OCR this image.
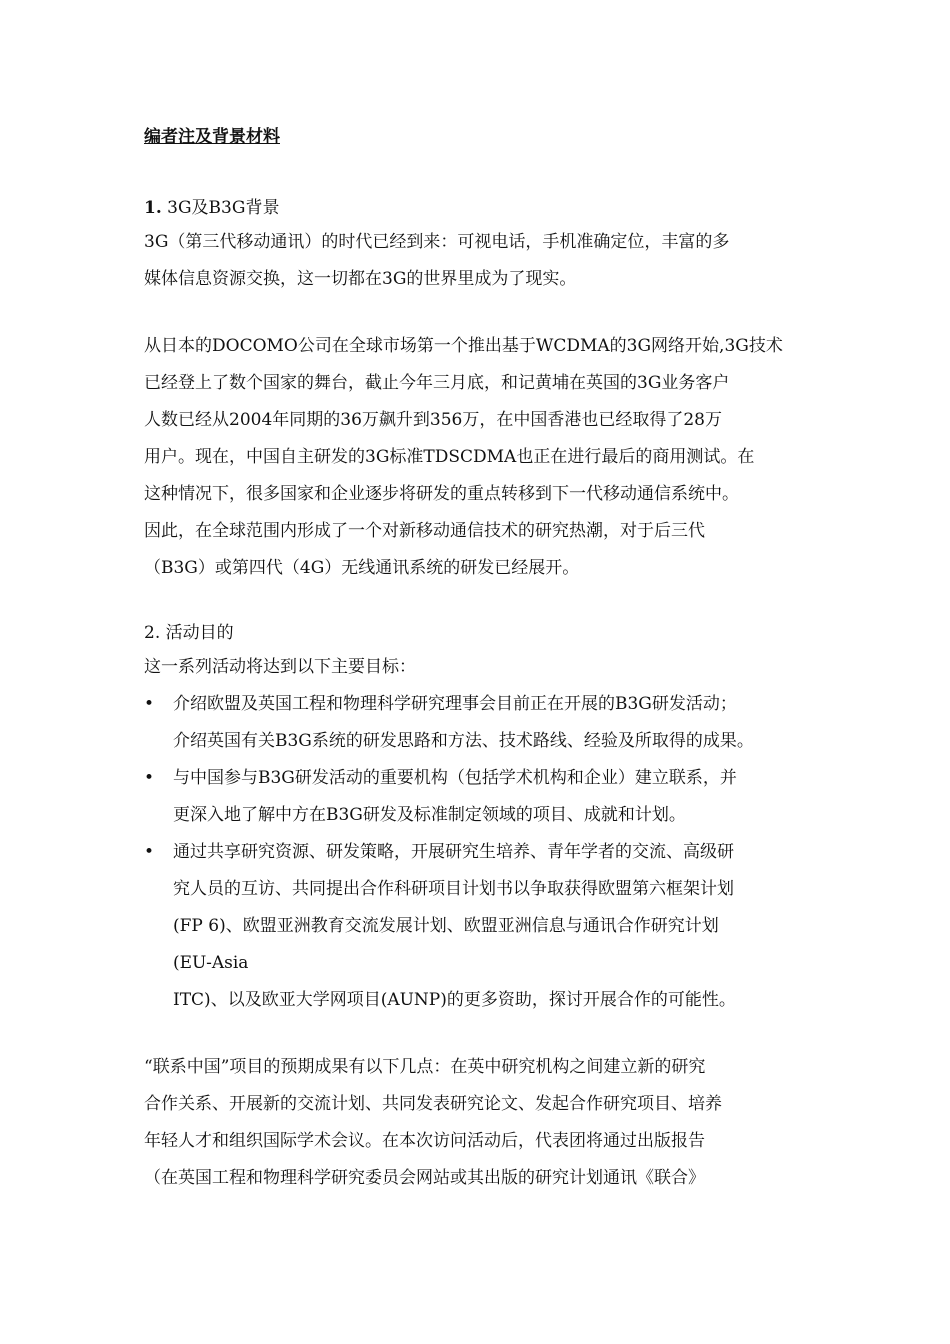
编者注及背景材料

1. 3G及B3G背景

3G（第三代移动通讯）的时代已经到来：可视电话，手机准确定位，丰富的多

媒体信息资源交换，这一切都在3G的世界里成为了现实。

从日本的DOCOMO公司在全球市场第一个推出基于WCDMA的3G网络开始,3G技术

已经登上了数个国家的舞台，截止今年三月底，和记黄埔在英国的3G业务客户

人数已经从2004年同期的36万飙升到356万，在中国香港也已经取得了28万

用户。现在，中国自主研发的3G标准TDSCDMA也正在进行最后的商用测试。在

这种情况下，很多国家和企业逐步将研发的重点转移到下一代移动通信系统中。

因此，在全球范围内形成了一个对新移动通信技术的研究热潮，对于后三代

（B3G）或第四代（4G）无线通讯系统的研发已经展开。

2. 活动目的

这一系列活动将达到以下主要目标：

• 介绍欧盟及英国工程和物理科学研究理事会目前正在开展的B3G研发活动；

介绍英国有关B3G系统的研发思路和方法、技术路线、经验及所取得的成果。

• 与中国参与B3G研发活动的重要机构（包括学术机构和企业）建立联系，并

更深入地了解中方在B3G研发及标准制定领域的项目、成就和计划。

• 通过共享研究资源、研发策略，开展研究生培养、青年学者的交流、高级研

究人员的互访、共同提出合作科研项目计划书以争取获得欧盟第六框架计划

(FP 6)、欧盟亚洲教育交流发展计划、欧盟亚洲信息与通讯合作研究计划

(EU-Asia

ITC)、以及欧亚大学网项目(AUNP)的更多资助，探讨开展合作的可能性。

“联系中国”项目的预期成果有以下几点：在英中研究机构之间建立新的研究

合作关系、开展新的交流计划、共同发表研究论文、发起合作研究项目、培养

年轻人才和组织国际学术会议。在本次访问活动后，代表团将通过出版报告

（在英国工程和物理科学研究委员会网站或其出版的研究计划通讯《联合》
